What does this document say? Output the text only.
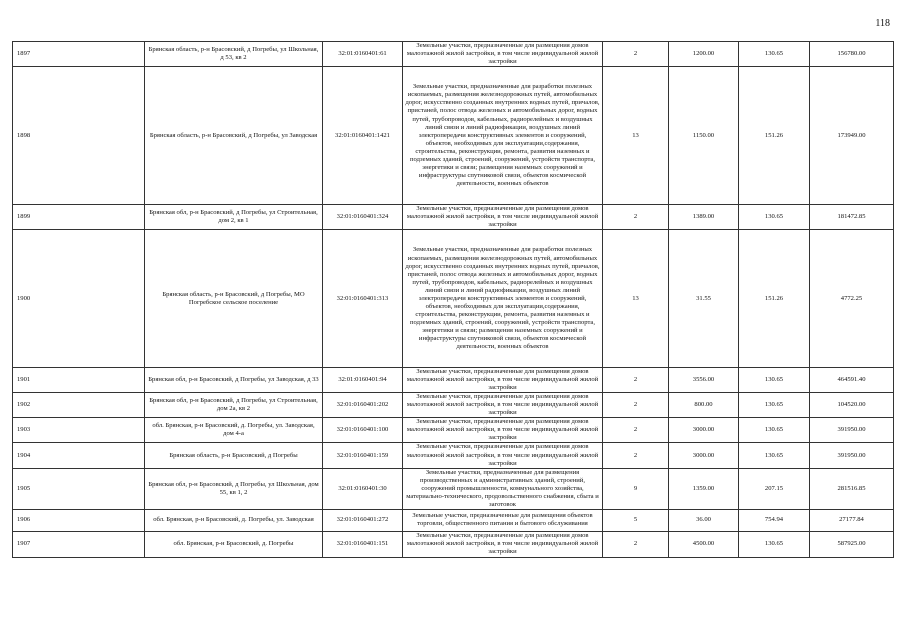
118
1897	Брянская область, р-н Брасовский, д Погребы, ул Школьная, д 53, кв 2	32:01:0160401:61	Земельные участки, предназначенные для размещения домов малоэтажной жилой застройки, в том числе индивидуальной жилой застройки	2	1200.00	130.65	156780.00
1898	Брянская область, р-н Брасовский, д Погребы, ул Заводская	32:01:0160401:1421	Земельные участки, предназначенные для разработки полезных ископаемых, размещения железнодорожных путей, автомобильных дорог, искусственно созданных внутренних водных путей, причалов, пристаней, полос отвода железных и автомобильных дорог, водных путей, трубопроводов, кабельных, радиорелейных и воздушных линий связи и линий радиофикации, воздушных линий электропередачи конструктивных элементов и сооружений, объектов, необходимых для эксплуатации,содержания, строительства, реконструкции, ремонта, развития наземных и подземных зданий, строений, сооружений, устройств транспорта, энергетики и связи; размещения наземных сооружений и инфраструктуры спутниковой связи, объектов космической деятельности, военных объектов	13	1150.00	151.26	173949.00
1899	Брянская обл, р-н Брасовский, д Погребы, ул Строительная, дом 2, кв 1	32:01:0160401:324	Земельные участки, предназначенные для размещения домов малоэтажной жилой застройки, в том числе индивидуальной жилой застройки	2	1389.00	130.65	181472.85
1900	Брянская область, р-н Брасовский, д Погребы, МО Погребское сельское поселение	32:01:0160401:313	Земельные участки, предназначенные для разработки полезных ископаемых, размещения железнодорожных путей, автомобильных дорог, искусственно созданных внутренних водных путей, причалов, пристаней, полос отвода железных и автомобильных дорог, водных путей, трубопроводов, кабельных, радиорелейных и воздушных линий связи и линий радиофикации, воздушных линий электропередачи конструктивных элементов и сооружений, объектов, необходимых для эксплуатации,содержания, строительства, реконструкции, ремонта, развития наземных и подземных зданий, строений, сооружений, устройств транспорта, энергетики и связи; размещения наземных сооружений и инфраструктуры спутниковой связи, объектов космической деятельности, военных объектов	13	31.55	151.26	4772.25
1901	Брянская обл, р-н Брасовский, д Погребы, ул Заводская, д 33	32:01:0160401:94	Земельные участки, предназначенные для размещения домов малоэтажной жилой застройки, в том числе индивидуальной жилой застройки	2	3556.00	130.65	464591.40
1902	Брянская обл, р-н Брасовский, д Погребы, ул Строительная, дом 2а, кв 2	32:01:0160401:202	Земельные участки, предназначенные для размещения домов малоэтажной жилой застройки, в том числе индивидуальной жилой застройки	2	800.00	130.65	104520.00
1903	обл. Брянская, р-н Брасовский, д. Погребы, ул. Заводская, дом 4-а	32:01:0160401:100	Земельные участки, предназначенные для размещения домов малоэтажной жилой застройки, в том числе индивидуальной жилой застройки	2	3000.00	130.65	391950.00
1904	Брянская область, р-н Брасовский, д Погребы	32:01:0160401:159	Земельные участки, предназначенные для размещения домов малоэтажной жилой застройки, в том числе индивидуальной жилой застройки	2	3000.00	130.65	391950.00
1905	Брянская обл, р-н Брасовский, д Погребы, ул Школьная, дом 55, кв 1, 2	32:01:0160401:30	Земельные участки, предназначенные для размещения производственных и административных зданий, строений, сооружений промышленности, коммунального хозяйства, материально-технического, продовольственного снабжения, сбыта и заготовок	9	1359.00	207.15	281516.85
1906	обл. Брянская, р-н Брасовский, д. Погребы, ул. Заводская	32:01:0160401:272	Земельные участки, предназначенные для размещения объектов торговли, общественного питания и бытового обслуживания	5	36.00	754.94	27177.84
1907	обл. Брянская, р-н Брасовский, д. Погребы	32:01:0160401:151	Земельные участки, предназначенные для размещения домов малоэтажной жилой застройки, в том числе индивидуальной жилой застройки	2	4500.00	130.65	587925.00
